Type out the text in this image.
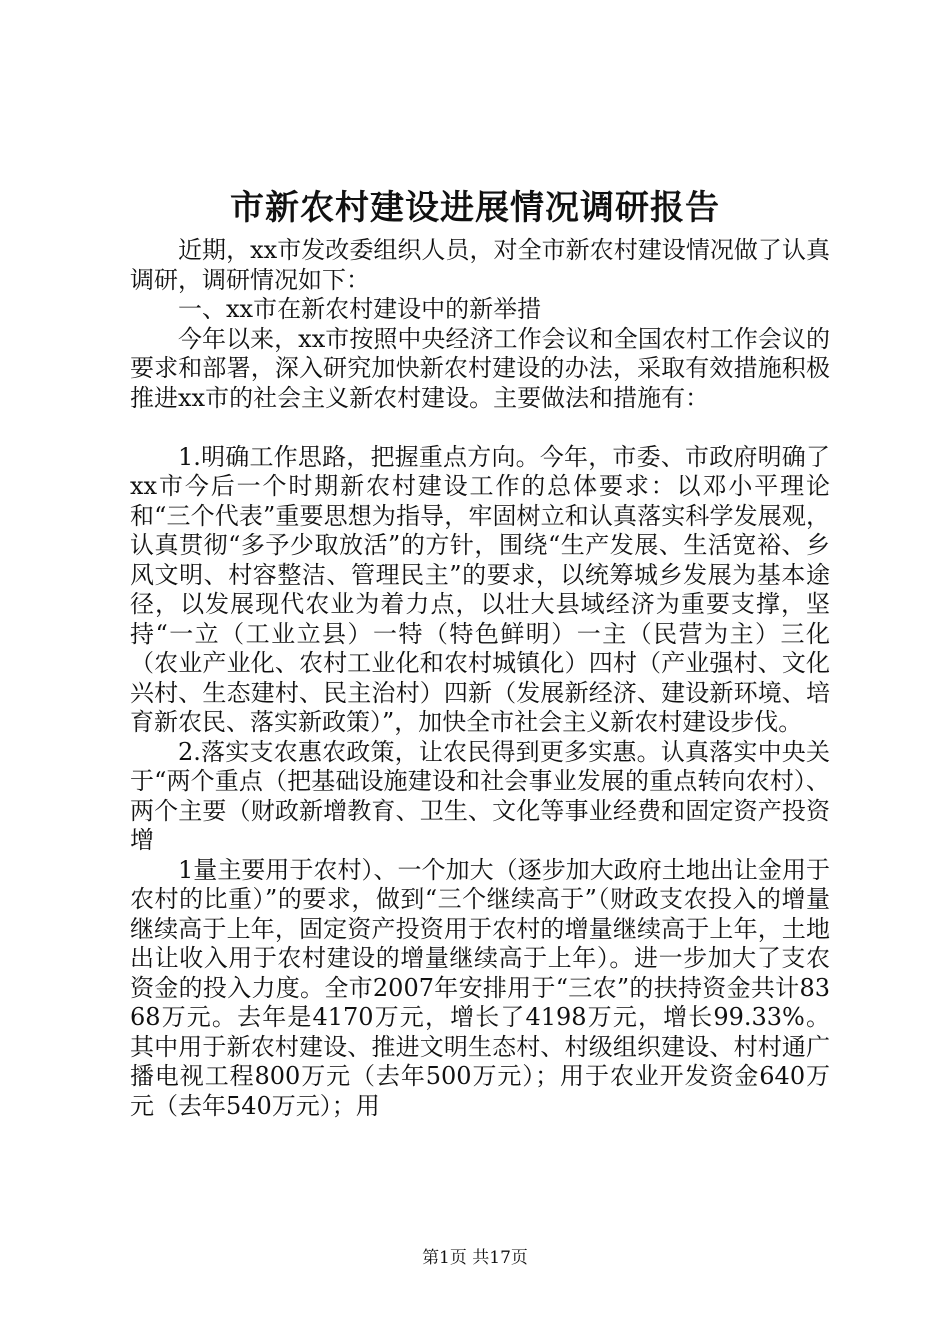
市新农村建设进展情况调研报告

近期，xx市发改委组织人员，对全市新农村建设情况做了认真调研，调研情况如下：

一、xx市在新农村建设中的新举措

今年以来，xx市按照中央经济工作会议和全国农村工作会议的要求和部署，深入研究加快新农村建设的办法，采取有效措施积极推进xx市的社会主义新农村建设。主要做法和措施有：

1.明确工作思路，把握重点方向。今年，市委、市政府明确了xx市今后一个时期新农村建设工作的总体要求：以邓小平理论和“三个代表”重要思想为指导，牢固树立和认真落实科学发展观，认真贯彻“多予少取放活”的方针，围绕“生产发展、生活宽裕、乡风文明、村容整洁、管理民主”的要求，以统筹城乡发展为基本途径，以发展现代农业为着力点，以壮大县域经济为重要支撑，坚持“一立（工业立县）一特（特色鲜明）一主（民营为主）三化（农业产业化、农村工业化和农村城镇化）四村（产业强村、文化兴村、生态建村、民主治村）四新（发展新经济、建设新环境、培育新农民、落实新政策）”，加快全市社会主义新农村建设步伐。

2.落实支农惠农政策，让农民得到更多实惠。认真落实中央关于“两个重点（把基础设施建设和社会事业发展的重点转向农村）、两个主要（财政新增教育、卫生、文化等事业经费和固定资产投资增

1量主要用于农村）、一个加大（逐步加大政府土地出让金用于农村的比重）”的要求，做到“三个继续高于”（财政支农投入的增量继续高于上年，固定资产投资用于农村的增量继续高于上年，土地出让收入用于农村建设的增量继续高于上年）。进一步加大了支农资金的投入力度。全市2007年安排用于“三农”的扶持资金共计8368万元。去年是4170万元，增长了4198万元，增长99.33%。其中用于新农村建设、推进文明生态村、村级组织建设、村村通广播电视工程800万元（去年500万元）；用于农业开发资金640万元（去年540万元）；用

第1页 共17页
